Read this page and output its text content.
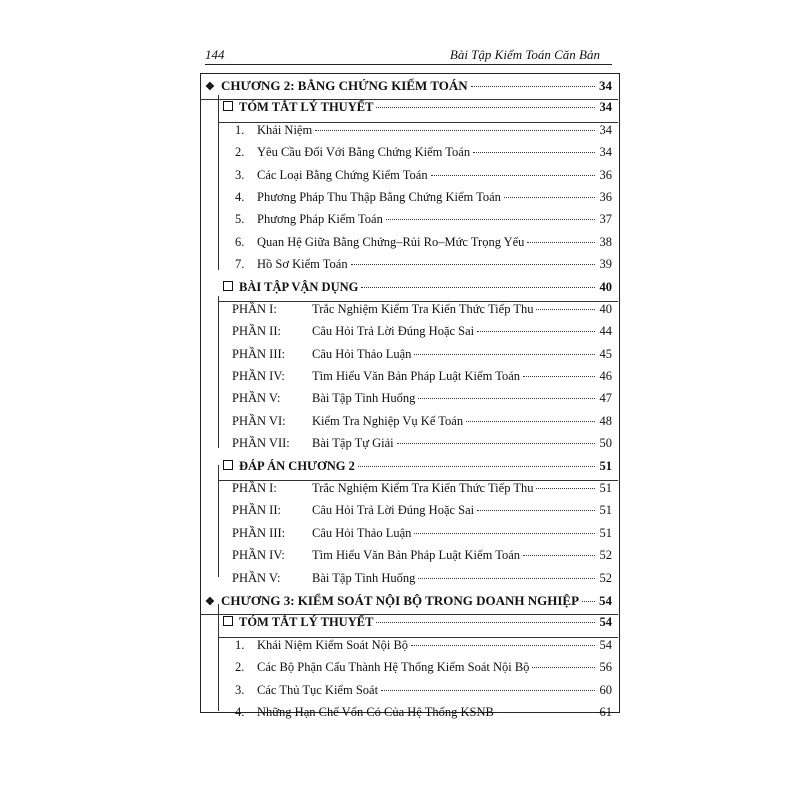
144	Bài Tập Kiểm Toán Căn Bản
❖ CHƯƠNG 2: BẰNG CHỨNG KIỂM TOÁN	34
TÓM TẮT LÝ THUYẾT	34
1.	Khái Niệm	34
2.	Yêu Cầu Đối Với Bằng Chứng Kiểm Toán	34
3.	Các Loại Bằng Chứng Kiểm Toán	36
4.	Phương Pháp Thu Thập Bằng Chứng Kiểm Toán	36
5.	Phương Pháp Kiểm Toán	37
6.	Quan Hệ Giữa Bằng Chứng–Rủi Ro–Mức Trọng Yếu	38
7.	Hồ Sơ Kiểm Toán	39
BÀI TẬP VẬN DỤNG	40
PHẦN I:	Trắc Nghiệm Kiểm Tra Kiến Thức Tiếp Thu	40
PHẦN II:	Câu Hỏi Trả Lời Đúng Hoặc Sai	44
PHẦN III:	Câu Hỏi Thảo Luận	45
PHẦN IV:	Tìm Hiểu Văn Bản Pháp Luật Kiểm Toán	46
PHẦN V:	Bài Tập Tình Huống	47
PHẦN VI:	Kiểm Tra Nghiệp Vụ Kế Toán	48
PHẦN VII:	Bài Tập Tự Giải	50
ĐÁP ÁN CHƯƠNG 2	51
PHẦN I:	Trắc Nghiệm Kiểm Tra Kiến Thức Tiếp Thu	51
PHẦN II:	Câu Hỏi Trả Lời Đúng Hoặc Sai	51
PHẦN III:	Câu Hỏi Thảo Luận	51
PHẦN IV:	Tìm Hiểu Văn Bản Pháp Luật Kiểm Toán	52
PHẦN V:	Bài Tập Tình Huống	52
❖ CHƯƠNG 3: KIỂM SOÁT NỘI BỘ TRONG DOANH NGHIỆP 54
TÓM TẮT LÝ THUYẾT	54
1.	Khái Niệm Kiểm Soát Nội Bộ	54
2.	Các Bộ Phận Cấu Thành Hệ Thống Kiểm Soát Nội Bộ	56
3.	Các Thủ Tục Kiểm Soát	60
4.	Những Hạn Chế Vốn Có Của Hệ Thống KSNB	61
